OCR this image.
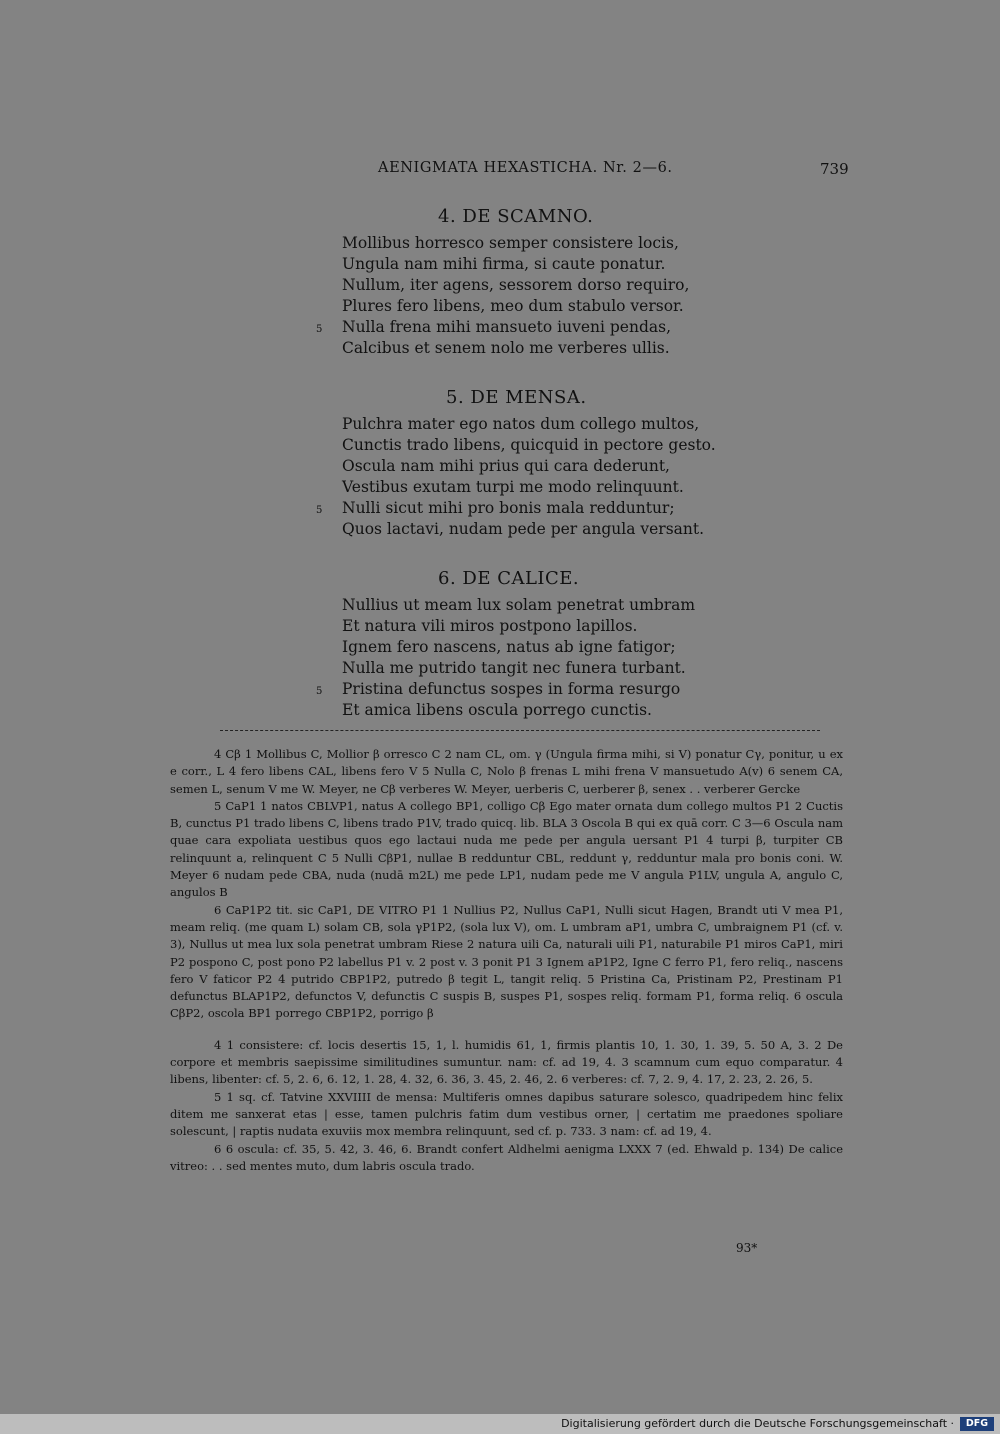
AENIGMATA HEXASTICHA. Nr. 2—6.	739
4. DE SCAMNO.
Mollibus horresco semper consistere locis,
Ungula nam mihi firma, si caute ponatur.
Nullum, iter agens, sessorem dorso requiro,
Plures fero libens, meo dum stabulo versor.
5 Nulla frena mihi mansueto iuveni pendas,
Calcibus et senem nolo me verberes ullis.
5. DE MENSA.
Pulchra mater ego natos dum collego multos,
Cunctis trado libens, quicquid in pectore gesto.
Oscula nam mihi prius qui cara dederunt,
Vestibus exutam turpi me modo relinquunt.
5 Nulli sicut mihi pro bonis mala redduntur;
Quos lactavi, nudam pede per angula versant.
6. DE CALICE.
Nullius ut meam lux solam penetrat umbram
Et natura vili miros postpono lapillos.
Ignem fero nascens, natus ab igne fatigor;
Nulla me putrido tangit nec funera turbant.
5 Pristina defunctus sospes in forma resurgo
Et amica libens oscula porrego cunctis.

4 Cβ 1 Mollibus C, Mollior β orresco C 2 nam CL, om. γ (Ungula firma mihi, si V) ponatur Cγ, ponitur, u ex e corr., L 4 fero libens CAL, libens fero V 5 Nulla C, Nolo β frenas L mihi frena V mansuetudo A(v) 6 senem CA, semen L, senum V me W. Meyer, ne Cβ verberes W. Meyer, uerberis C, uerberer β, senex . . verberer Gercke

5 CaP1 1 natos CBLVP1, natus A collego BP1, colligo Cβ Ego mater ornata dum collego multos P1 2 Cuctis B, cunctus P1 trado libens C, libens trado P1V, trado quicq. lib. BLA 3 Oscola B qui ex quā corr. C 3—6 Oscula nam quae cara expoliata uestibus quos ego lactaui nuda me pede per angula uersant P1 4 turpi β, turpiter CB relinquunt a, relinquent C 5 Nulli CβP1, nullae B redduntur CBL, reddunt γ, redduntur mala pro bonis coni. W. Meyer 6 nudam pede CBA, nuda (nudā m2L) me pede LP1, nudam pede me V angula P1LV, ungula A, angulo C, angulos B

6 CaP1P2 tit. sic CaP1, DE VITRO P1 1 Nullius P2, Nullus CaP1, Nulli sicut Hagen, Brandt uti V mea P1, meam reliq. (me quam L) solam CB, sola γP1P2, (sola lux V), om. L umbram aP1, umbra C, umbraignem P1 (cf. v. 3), Nullus ut mea lux sola penetrat umbram Riese 2 natura uili Ca, naturali uili P1, naturabile P1 miros CaP1, miri P2 pospono C, post pono P2 labellus P1 v. 2 post v. 3 ponit P1 3 Ignem aP1P2, Igne C ferro P1, fero reliq., nascens fero V faticor P2 4 putrido CBP1P2, putredo β tegit L, tangit reliq. 5 Pristina Ca, Pristinam P2, Prestinam P1 defunctus BLAP1P2, defunctos V, defunctis C suspis B, suspes P1, sospes reliq. formam P1, forma reliq. 6 oscula CβP2, oscola BP1 porrego CBP1P2, porrigo β

4 1 consistere: cf. locis desertis 15, 1, l. humidis 61, 1, firmis plantis 10, 1. 30, 1. 39, 5. 50 A, 3. 2 De corpore et membris saepissime similitudines sumuntur. nam: cf. ad 19, 4. 3 scamnum cum equo comparatur. 4 libens, libenter: cf. 5, 2. 6, 6. 12, 1. 28, 4. 32, 6. 36, 3. 45, 2. 46, 2. 6 verberes: cf. 7, 2. 9, 4. 17, 2. 23, 2. 26, 5.

5 1 sq. cf. Tatvine XXVIIII de mensa: Multiferis omnes dapibus saturare solesco, quadripedem hinc felix ditem me sanxerat etas | esse, tamen pulchris fatim dum vestibus orner, | certatim me praedones spoliare solescunt, | raptis nudata exuviis mox membra relinquunt, sed cf. p. 733. 3 nam: cf. ad 19, 4.

6 6 oscula: cf. 35, 5. 42, 3. 46, 6. Brandt confert Aldhelmi aenigma LXXX 7 (ed. Ehwald p. 134) De calice vitreo: . . sed mentes muto, dum labris oscula trado.

93*
Digitalisierung gefördert durch die Deutsche Forschungsgemeinschaft ·	DFG
